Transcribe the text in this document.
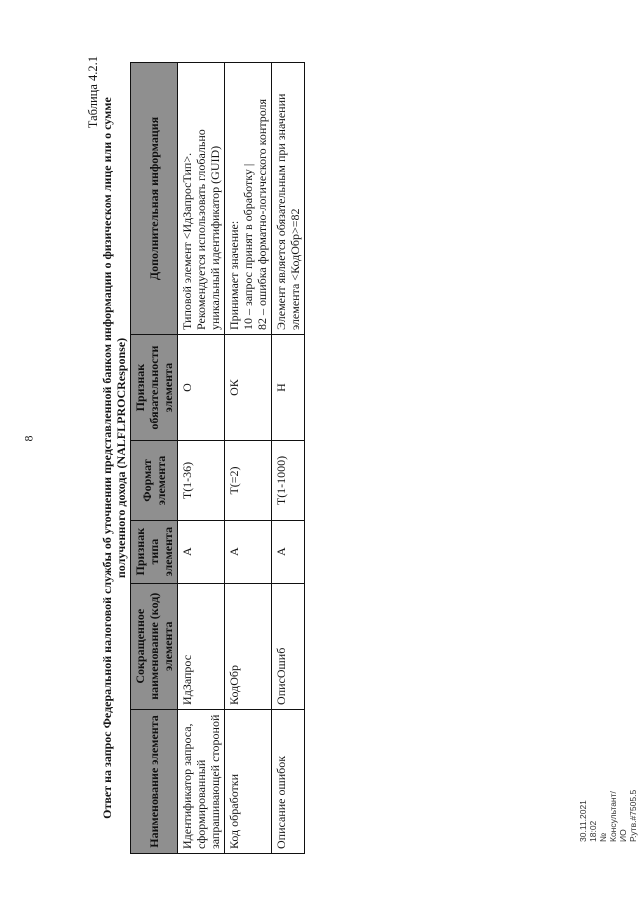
8
Таблица 4.2.1
Ответ на запрос Федеральной налоговой службы об уточнении представленной банком информации о физическом лице или о сумме полученного дохода (NALFLPROCResponse)
Наименование элемента	Сокращенное наименование (код) элемента	Признак типа элемента	Формат элемента	Признак обязательности элемента	Дополнительная информация
Идентификатор запроса, сформированный запрашивающей стороной	ИдЗапрос	А	T(1-36)	О	Типовой элемент <ИдЗапросТип>. Рекомендуется использовать глобально уникальный идентификатор (GUID)

Код обработки	КодОбр	А	T(=2)	ОК	Принимает значение: 10 – запрос принят в обработку | 82 – ошибка форматно-логического контроля

Описание ошибок	ОписОшиб	А	T(1-1000)	Н	Элемент является обязательным при значении элемента <КодОбр>=82
30.11.2021 18:02 № Консультант/ИО Р.утв.#7505.5
